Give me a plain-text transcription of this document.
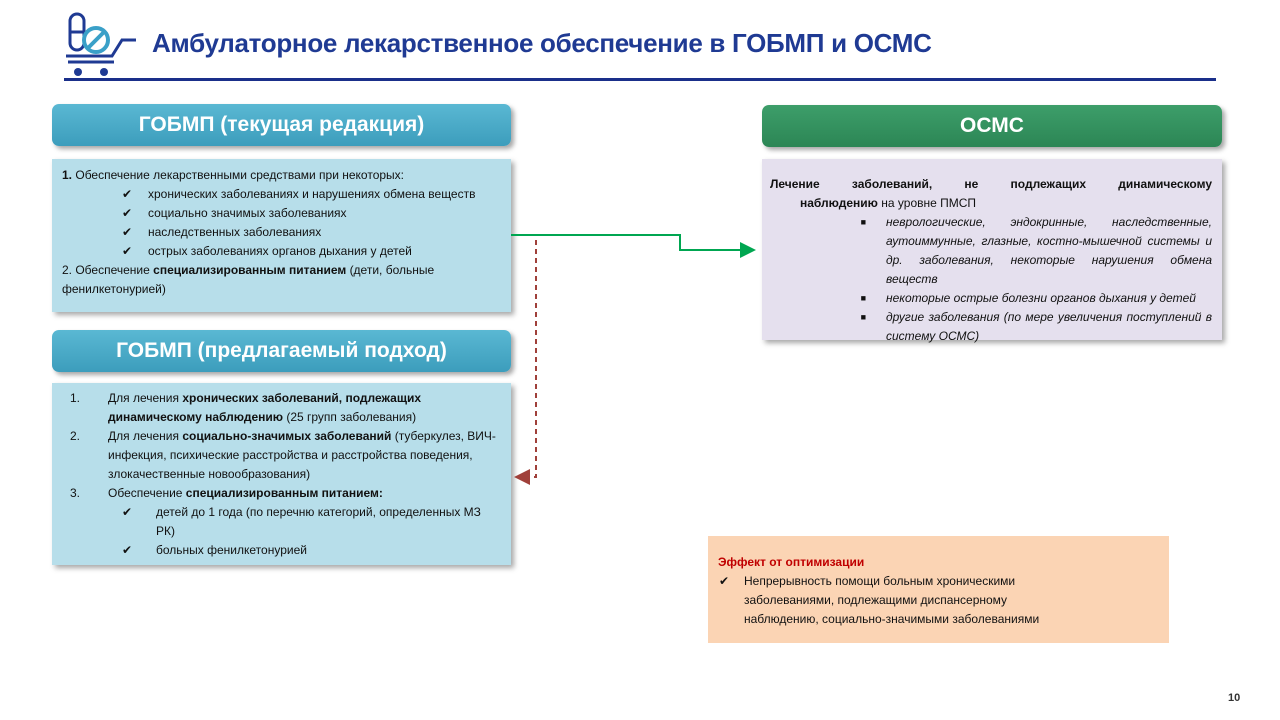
Амбулаторное лекарственное обеспечение в ГОБМП и ОСМС
ГОБМП (текущая редакция)
1. Обеспечение лекарственными средствами при некоторых:
✔ хронических заболеваниях и нарушениях обмена веществ
✔ социально значимых заболеваниях
✔ наследственных заболеваниях
✔ острых заболеваниях органов дыхания у детей
2. Обеспечение специализированным питанием (дети, больные фенилкетонурией)
ГОБМП (предлагаемый подход)
1.	Для лечения хронических заболеваний, подлежащих динамическому наблюдению (25 групп заболевания)
2.	Для лечения социально-значимых заболеваний (туберкулез, ВИЧ-инфекция, психические расстройства и расстройства поведения, злокачественные новообразования)
3.	Обеспечение специализированным питанием:
✔ детей до 1 года (по перечню категорий, определенных МЗ РК)
✔ больных фенилкетонурией
ОСМС
Лечение заболеваний, не подлежащих динамическому
наблюдению на уровне ПМСП
■	неврологические, эндокринные, наследственные, аутоиммунные, глазные, костно-мышечной системы и др. заболевания, некоторые нарушения обмена веществ
■	некоторые острые болезни органов дыхания у детей
■	другие заболевания (по мере увеличения поступлений в систему ОСМС)
Эффект от оптимизации
✔ Непрерывность помощи больным хроническими заболеваниями, подлежащими диспансерному наблюдению, социально-значимыми заболеваниями
10
